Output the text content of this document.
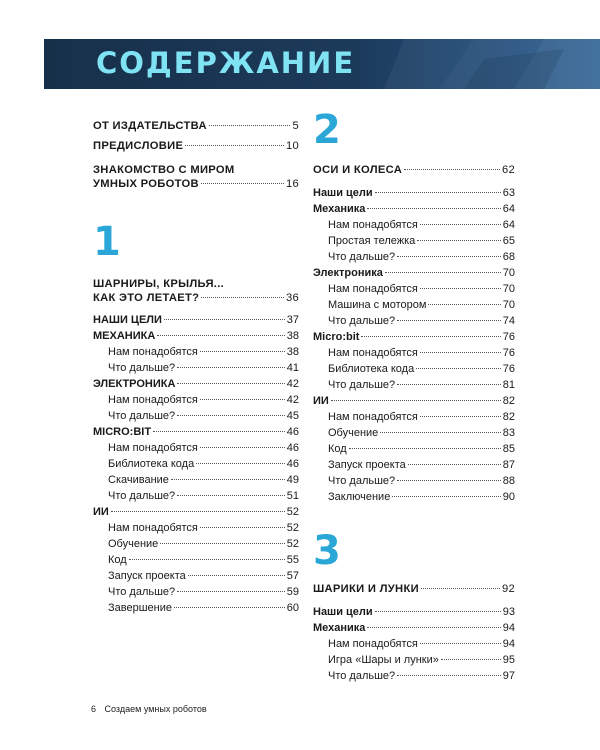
СОДЕРЖАНИЕ
ОТ ИЗДАТЕЛЬСТВА	5
ПРЕДИСЛОВИЕ	10
ЗНАКОМСТВО С МИРОМ
УМНЫХ РОБОТОВ	16
1
ШАРНИРЫ, КРЫЛЬЯ...
КАК ЭТО ЛЕТАЕТ?	36
НАШИ ЦЕЛИ	37
МЕХАНИКА	38
Нам понадобятся	38
Что дальше?	41
ЭЛЕКТРОНИКА	42
Нам понадобятся	42
Что дальше?	45
MICRO:BIT	46
Нам понадобятся	46
Библиотека кода	46
Скачивание	49
Что дальше?	51
ИИ	52
Нам понадобятся	52
Обучение	52
Код	55
Запуск проекта	57
Что дальше?	59
Завершение	60
2
ОСИ И КОЛЕСА	62
Наши цели	63
Механика	64
Нам понадобятся	64
Простая тележка	65
Что дальше?	68
Электроника	70
Нам понадобятся	70
Машина с мотором	70
Что дальше?	74
Micro:bit	76
Нам понадобятся	76
Библиотека кода	76
Что дальше?	81
ИИ	82
Нам понадобятся	82
Обучение	83
Код	85
Запуск проекта	87
Что дальше?	88
Заключение	90
3
ШАРИКИ И ЛУНКИ	92
Наши цели	93
Механика	94
Нам понадобятся	94
Игра «Шары и лунки»	95
Что дальше?	97
6 Создаем умных роботов
